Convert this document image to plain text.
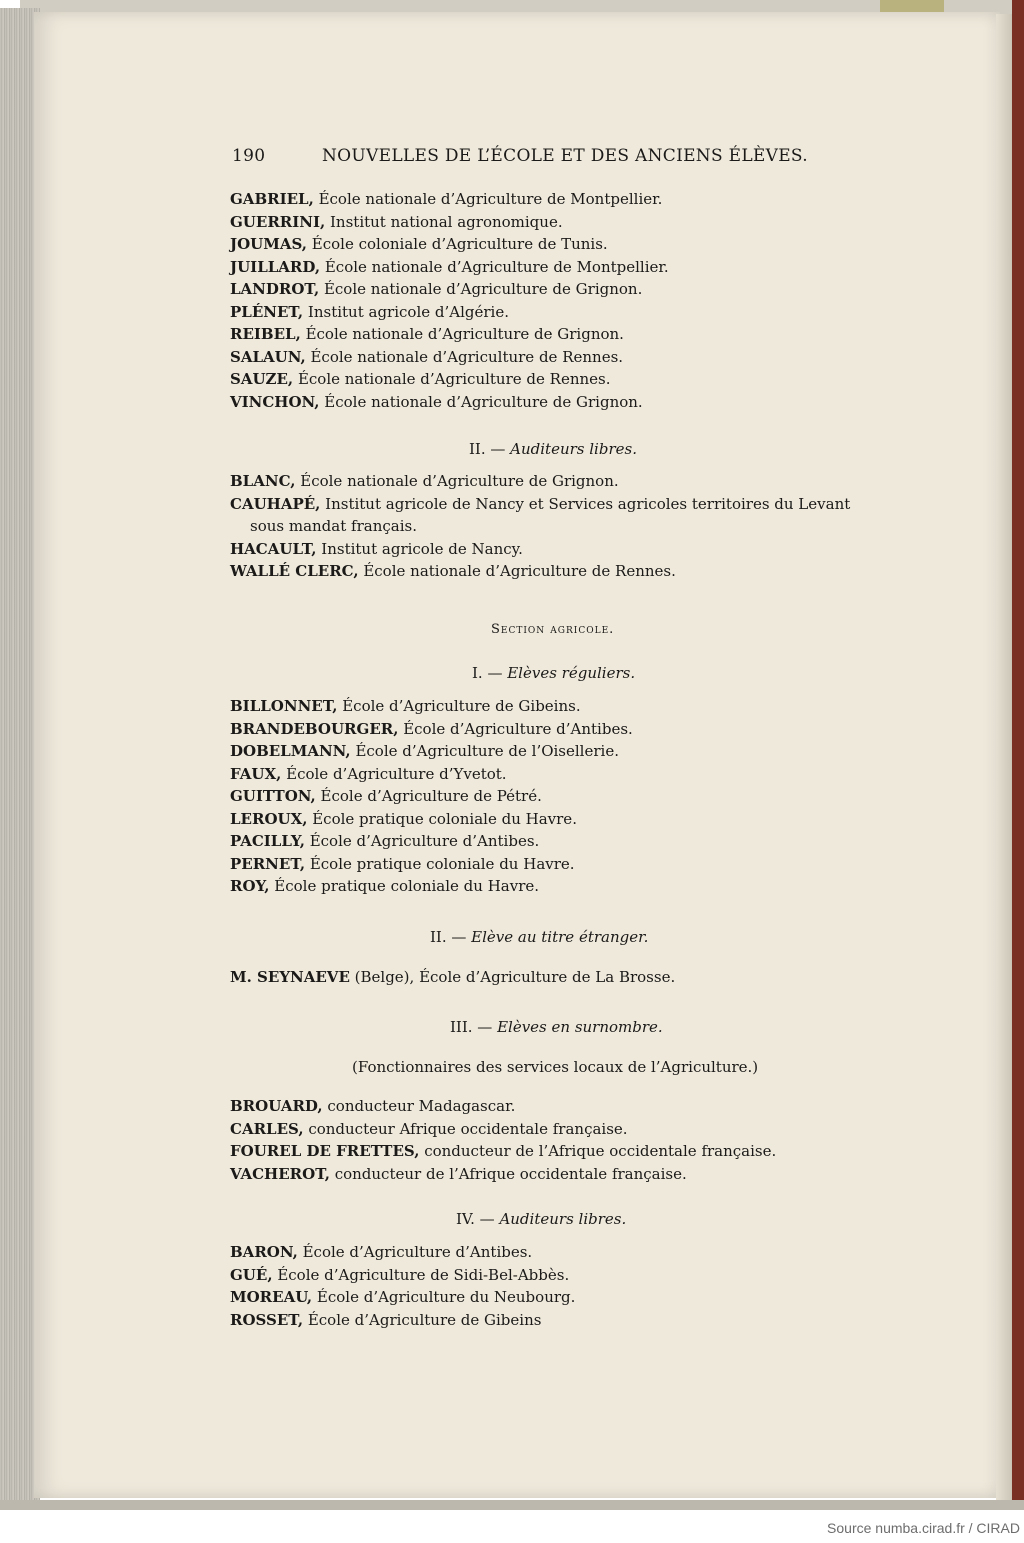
190	NOUVELLES DE L’ÉCOLE ET DES ANCIENS ÉLÈVES.
GABRIEL, École nationale d’Agriculture de Montpellier.
GUERRINI, Institut national agronomique.
JOUMAS, École coloniale d’Agriculture de Tunis.
JUILLARD, École nationale d’Agriculture de Montpellier.
LANDROT, École nationale d’Agriculture de Grignon.
PLÉNET, Institut agricole d’Algérie.
REIBEL, École nationale d’Agriculture de Grignon.
SALAUN, École nationale d’Agriculture de Rennes.
SAUZE, École nationale d’Agriculture de Rennes.
VINCHON, École nationale d’Agriculture de Grignon.
II. — Auditeurs libres.
BLANC, École nationale d’Agriculture de Grignon.
CAUHAPÉ, Institut agricole de Nancy et Services agricoles territoires du Levant
sous mandat français.
HACAULT, Institut agricole de Nancy.
WALLÉ CLERC, École nationale d’Agriculture de Rennes.
Section agricole.
I. — Elèves réguliers.
BILLONNET, École d’Agriculture de Gibeins.
BRANDEBOURGER, École d’Agriculture d’Antibes.
DOBELMANN, École d’Agriculture de l’Oisellerie.
FAUX, École d’Agriculture d’Yvetot.
GUITTON, École d’Agriculture de Pétré.
LEROUX, École pratique coloniale du Havre.
PACILLY, École d’Agriculture d’Antibes.
PERNET, École pratique coloniale du Havre.
ROY, École pratique coloniale du Havre.
II. — Elève au titre étranger.
M. SEYNAEVE (Belge), École d’Agriculture de La Brosse.
III. — Elèves en surnombre.
(Fonctionnaires des services locaux de l’Agriculture.)
BROUARD, conducteur Madagascar.
CARLES, conducteur Afrique occidentale française.
FOUREL DE FRETTES, conducteur de l’Afrique occidentale française.
VACHEROT, conducteur de l’Afrique occidentale française.
IV. — Auditeurs libres.
BARON, École d’Agriculture d’Antibes.
GUÉ, École d’Agriculture de Sidi-Bel-Abbès.
MOREAU, École d’Agriculture du Neubourg.
ROSSET, École d’Agriculture de Gibeins
Source numba.cirad.fr / CIRAD
